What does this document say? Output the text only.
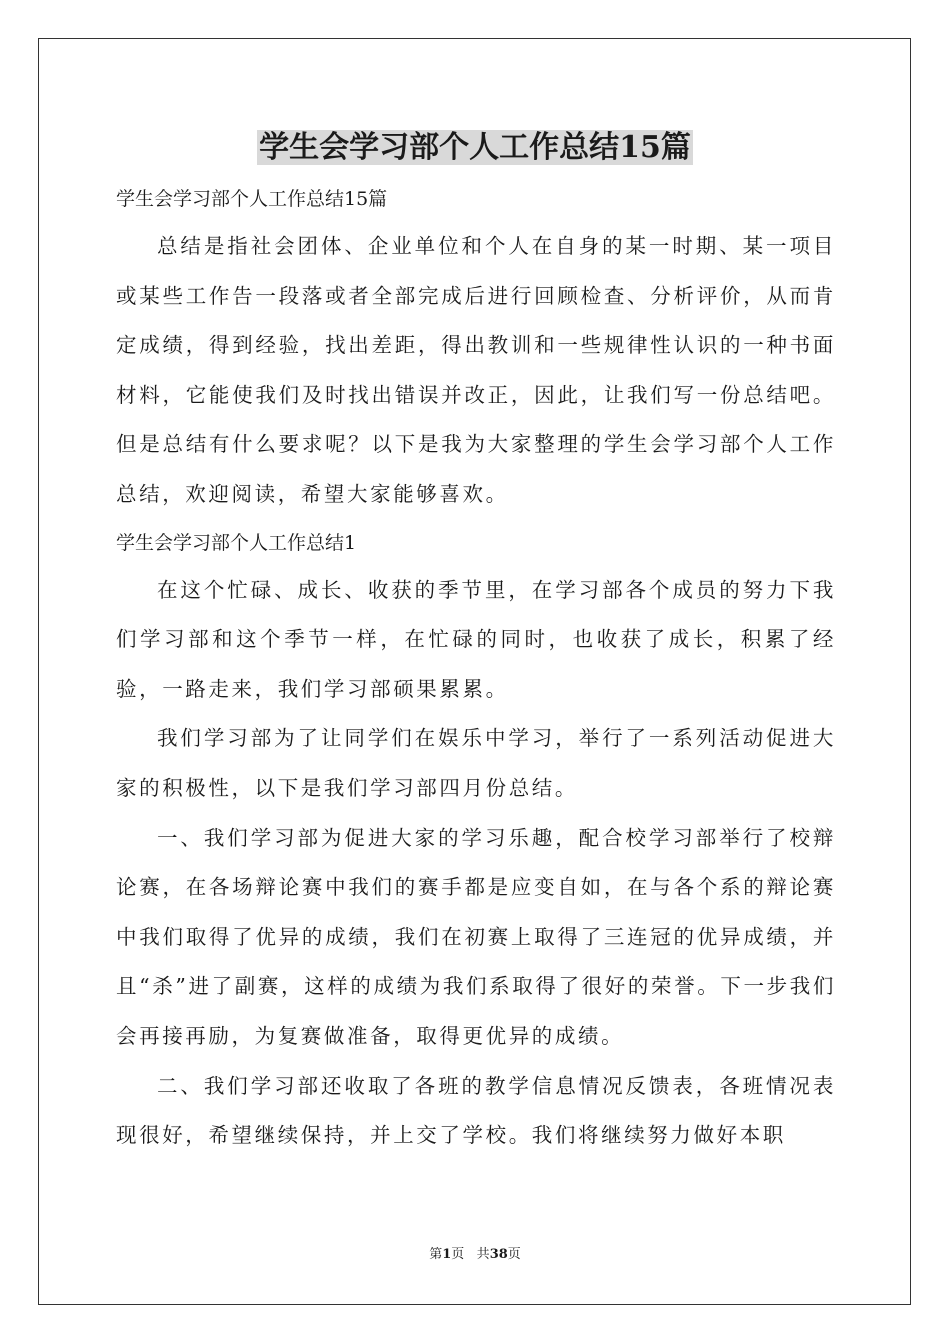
学生会学习部个人工作总结15篇

学生会学习部个人工作总结15篇

总结是指社会团体、企业单位和个人在自身的某一时期、某一项目或某些工作告一段落或者全部完成后进行回顾检查、分析评价，从而肯定成绩，得到经验，找出差距，得出教训和一些规律性认识的一种书面材料，它能使我们及时找出错误并改正，因此，让我们写一份总结吧。但是总结有什么要求呢？以下是我为大家整理的学生会学习部个人工作总结，欢迎阅读，希望大家能够喜欢。

学生会学习部个人工作总结1

在这个忙碌、成长、收获的季节里，在学习部各个成员的努力下我们学习部和这个季节一样，在忙碌的同时，也收获了成长，积累了经验，一路走来，我们学习部硕果累累。

我们学习部为了让同学们在娱乐中学习，举行了一系列活动促进大家的积极性，以下是我们学习部四月份总结。

一、我们学习部为促进大家的学习乐趣，配合校学习部举行了校辩论赛，在各场辩论赛中我们的赛手都是应变自如，在与各个系的辩论赛中我们取得了优异的成绩，我们在初赛上取得了三连冠的优异成绩，并且“杀”进了副赛，这样的成绩为我们系取得了很好的荣誉。下一步我们会再接再励，为复赛做准备，取得更优异的成绩。

二、我们学习部还收取了各班的教学信息情况反馈表，各班情况表现很好，希望继续保持，并上交了学校。我们将继续努力做好本职

第1页 共38页
